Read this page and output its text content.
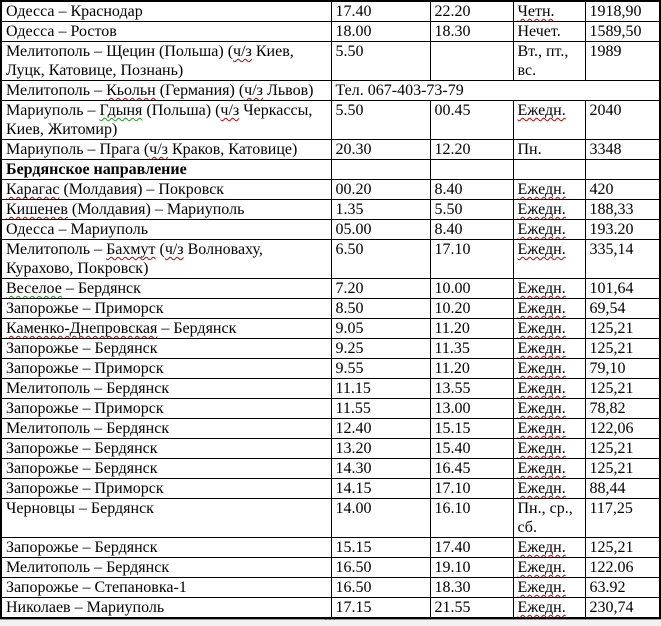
Одесса – Краснодар	17.40	22.20	Четн.	1918,90
Одесса – Ростов	18.00	18.30	Нечет.	1589,50
Мелитополь – Щецин (Польша) (ч/з Киев, Луцк, Катовице, Познань)	5.50		Вт., пт., вс.	1989
Мелитополь – Кьольн (Германия) (ч/з Львов)	Тел. 067-403-73-79			
Мариуполь – Гдыня (Польша) (ч/з Черкассы, Киев, Житомир)	5.50	00.45	Ежедн.	2040
Мариуполь – Прага (ч/з Краков, Катовице)	20.30	12.20	Пн.	3348
Бердянское направление				
Карагас (Молдавия) – Покровск	00.20	8.40	Ежедн.	420
Кишенев (Молдавия) – Мариуполь	1.35	5.50	Ежедн.	188,33
Одесса – Мариуполь	05.00	8.40	Ежедн.	193.20
Мелитополь – Бахмут (ч/з Волноваху, Курахово, Покровск)	6.50	17.10	Ежедн.	335,14
Веселое – Бердянск	7.20	10.00	Ежедн.	101,64
Запорожье – Приморск	8.50	10.20	Ежедн.	69,54
Каменко-Днепровская – Бердянск	9.05	11.20	Ежедн.	125,21
Запорожье – Бердянск	9.25	11.35	Ежедн.	125,21
Запорожье – Приморск	9.55	11.20	Ежедн.	79,10
Мелитополь – Бердянск	11.15	13.55	Ежедн.	125,21
Запорожье – Приморск	11.55	13.00	Ежедн.	78,82
Мелитополь – Бердянск	12.40	15.15	Ежедн.	122,06
Запорожье – Бердянск	13.20	15.40	Ежедн.	125,21
Запорожье – Бердянск	14.30	16.45	Ежедн.	125,21
Запорожье – Приморск	14.15	17.10	Ежедн.	88,44
Черновцы – Бердянск	14.00	16.10	Пн., ср., сб.	117,25
Запорожье – Бердянск	15.15	17.40	Ежедн.	125,21
Мелитополь – Бердянск	16.50	19.10	Ежедн.	122.06
Запорожье – Степановка-1	16.50	18.30	Ежедн.	63.92
Николаев – Мариуполь	17.15	21.55	Ежедн.	230,74
···
